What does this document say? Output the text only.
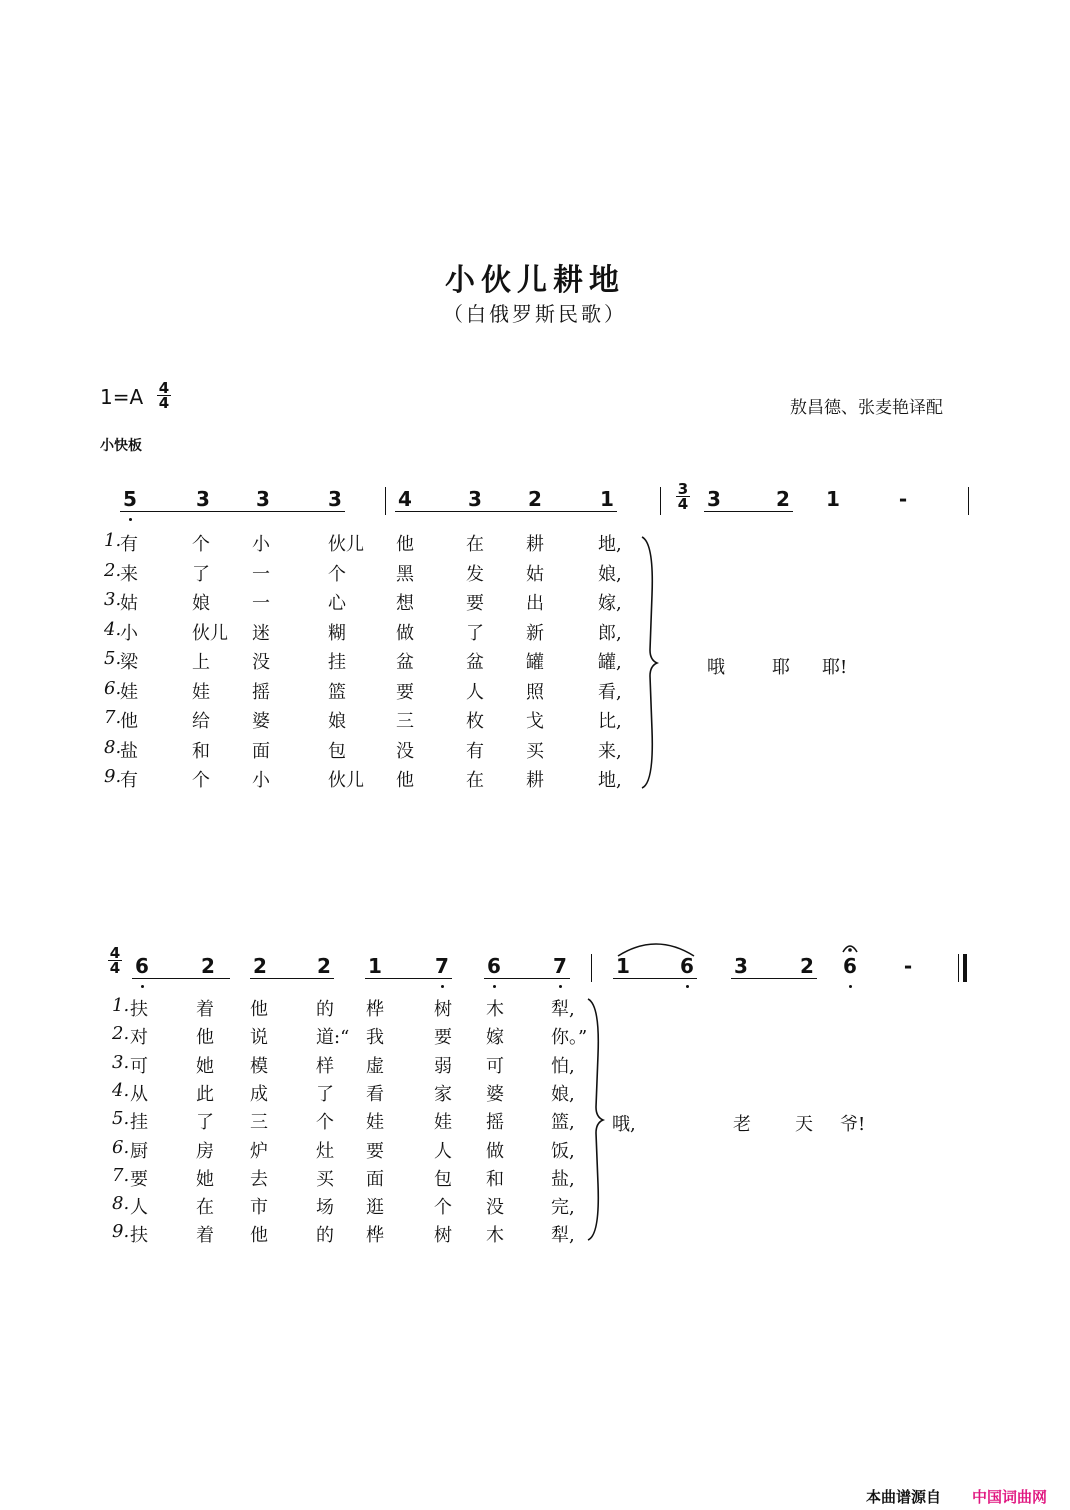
小伙儿耕地
（白俄罗斯民歌）
1=A 4
4	敖昌德、张麦艳译配
小快板
5	3 3	3	4	3 2	1	3	2 1	-
3
4
1.
有	个 小	伙儿 他	在 耕	地,
2.
来	了 一	个	黑	发 姑	娘,
3.
姑	娘 一	心	想	要 出	嫁,
4.
小	伙儿 迷	糊	做	了 新	郎,
5.
梁	上 没	挂	盆	盆 罐	罐,
6.
娃	娃 摇	篮	要	人 照	看,
7.
他	给 婆	娘	三	枚 戈	比,
8.
盐	和 面	包	没	有 买	来,
9.
有	个 小	伙儿 他	在 耕	地,
哦	耶 耶!
4
4 6	2 2	2 1	7 6	7 1	6 3	2 6 -
1. 扶	着 他	的 桦	树 木	犁,
2. 对	他 说	道:“ 我	要 嫁	你。”
3. 可	她 模	样 虚	弱 可	怕,
4. 从	此 成	了 看	家 婆	娘,
5. 挂	了 三	个 娃	娃 摇	篮,
6. 厨	房 炉	灶 要	人 做	饭,
7. 要	她 去	买 面	包 和	盐,
8. 人	在 市	场 逛	个 没	完,
9. 扶	着 他	的 桦	树 木	犁,
哦,	老 天 爷!
本曲谱源自 中国词曲网
